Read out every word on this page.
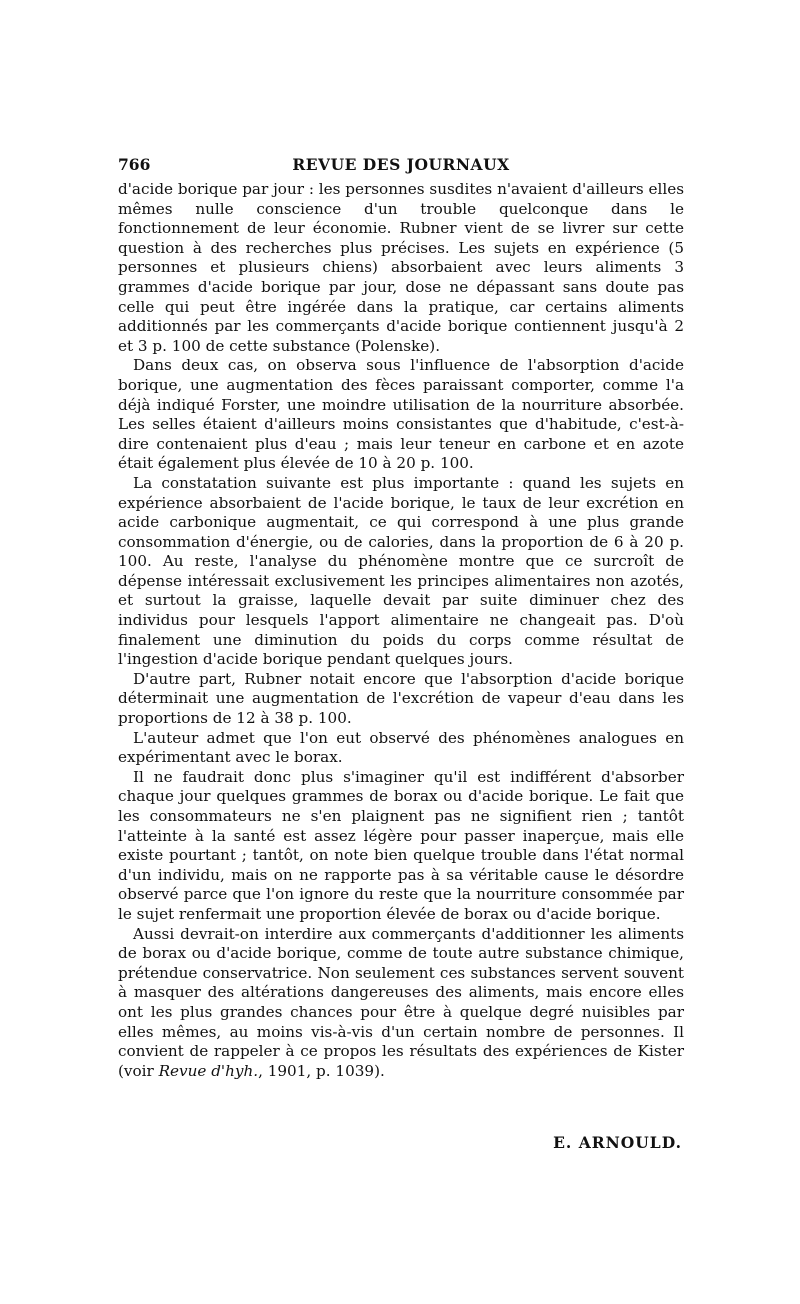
766	REVUE DES JOURNAUX

d'acide borique par jour : les personnes susdites n'avaient d'ailleurs elles mêmes nulle conscience d'un trouble quelconque dans le fonctionnement de leur économie. Rubner vient de se livrer sur cette question à des recherches plus précises. Les sujets en expérience (5 personnes et plusieurs chiens) absorbaient avec leurs aliments 3 grammes d'acide borique par jour, dose ne dépassant sans doute pas celle qui peut être ingérée dans la pratique, car certains aliments additionnés par les commerçants d'acide borique contiennent jusqu'à 2 et 3 p. 100 de cette substance (Polenske).

Dans deux cas, on observa sous l'influence de l'absorption d'acide borique, une augmentation des fèces paraissant comporter, comme l'a déjà indiqué Forster, une moindre utilisation de la nourriture absorbée. Les selles étaient d'ailleurs moins consistantes que d'habitude, c'est-à-dire contenaient plus d'eau ; mais leur teneur en carbone et en azote était également plus élevée de 10 à 20 p. 100.

La constatation suivante est plus importante : quand les sujets en expérience absorbaient de l'acide borique, le taux de leur excrétion en acide carbonique augmentait, ce qui correspond à une plus grande consommation d'énergie, ou de calories, dans la proportion de 6 à 20 p. 100. Au reste, l'analyse du phénomène montre que ce surcroît de dépense intéressait exclusivement les principes alimentaires non azotés, et surtout la graisse, laquelle devait par suite diminuer chez des individus pour lesquels l'apport alimentaire ne changeait pas. D'où finalement une diminution du poids du corps comme résultat de l'ingestion d'acide borique pendant quelques jours.

D'autre part, Rubner notait encore que l'absorption d'acide borique déterminait une augmentation de l'excrétion de vapeur d'eau dans les proportions de 12 à 38 p. 100.

L'auteur admet que l'on eut observé des phénomènes analogues en expérimentant avec le borax.

Il ne faudrait donc plus s'imaginer qu'il est indifférent d'absorber chaque jour quelques grammes de borax ou d'acide borique. Le fait que les consommateurs ne s'en plaignent pas ne signifient rien ; tantôt l'atteinte à la santé est assez légère pour passer inaperçue, mais elle existe pourtant ; tantôt, on note bien quelque trouble dans l'état normal d'un individu, mais on ne rapporte pas à sa véritable cause le désordre observé parce que l'on ignore du reste que la nourriture consommée par le sujet renfermait une proportion élevée de borax ou d'acide borique.

Aussi devrait-on interdire aux commerçants d'additionner les aliments de borax ou d'acide borique, comme de toute autre substance chimique, prétendue conservatrice. Non seulement ces substances servent souvent à masquer des altérations dangereuses des aliments, mais encore elles ont les plus grandes chances pour être à quelque degré nuisibles par elles mêmes, au moins vis-à-vis d'un certain nombre de personnes. Il convient de rappeler à ce propos les résultats des expériences de Kister (voir Revue d'hyh., 1901, p. 1039).

E. ARNOULD.
